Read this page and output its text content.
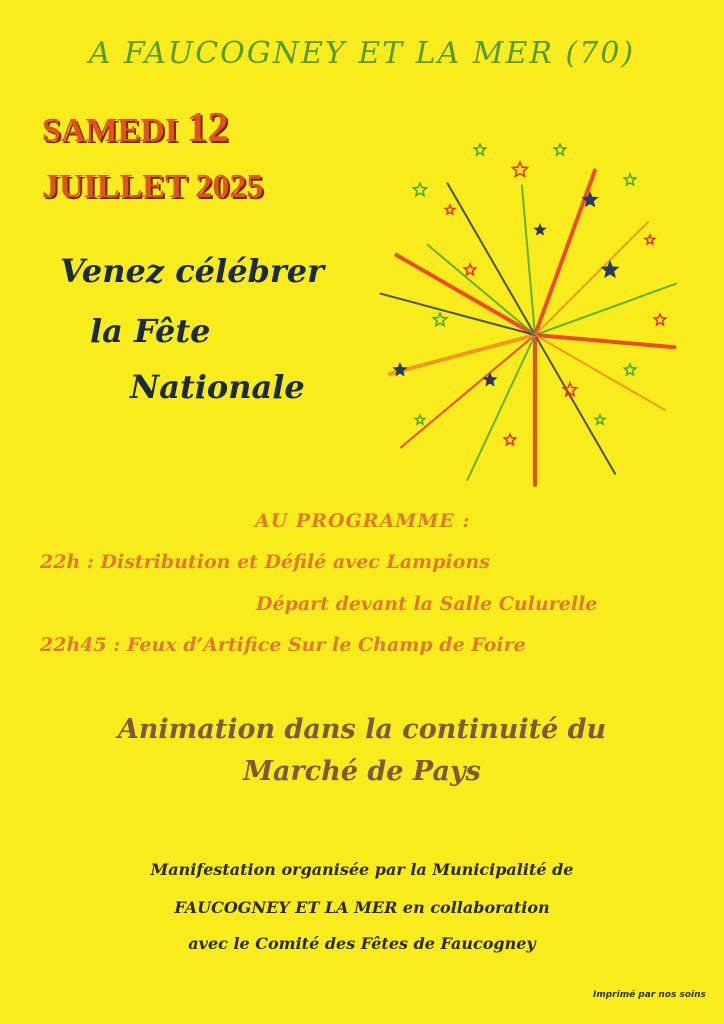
A FAUCOGNEY ET LA MER (70)
SAMEDI 12
JUILLET 2025
Venez célébrer
la Fête
Nationale
AU PROGRAMME :
22h : Distribution et Défilé avec Lampions
Départ devant la Salle Culurelle
22h45 : Feux d’Artifice Sur le Champ de Foire
Animation dans la continuité du
Marché de Pays
Manifestation organisée par la Municipalité de
FAUCOGNEY ET LA MER en collaboration
avec le Comité des Fêtes de Faucogney
Imprimé par nos soins
